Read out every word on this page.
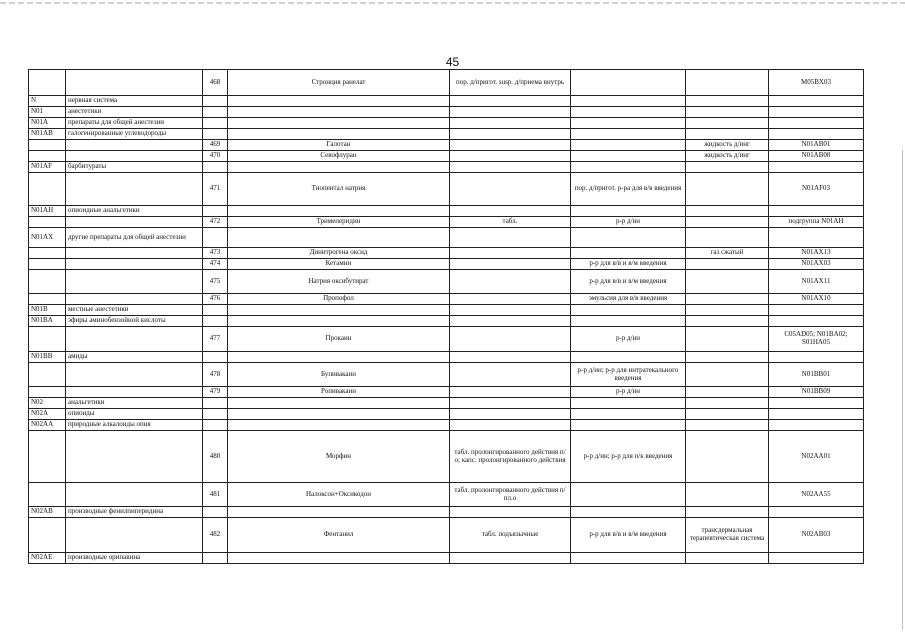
45
		468	Стронция ранелат	пор. д/пригот. susp. д/приема внутрь			M05BX03
N	нервная система						
N01	анестетики						
N01A	препараты для общей анестезии						
N01AB	галогенированные углеводороды						
		469	Галотан			жидкость д/инг	N01AB01
		470	Севофлуран			жидкость д/инг	N01AB08
N01AF	барбитураты						
		471	Тиопентал натрия		пор. д/пригот. р-ра для в/в введения		N01AF03
N01AH	опиоидные анальгетики						
		472	Тримеперидин	табл.	р-р д/ин		подгруппа N01AH
N01AX	другие препараты для общей анестезии						
		473	Динитрогена оксид			газ сжатый	N01AX13
		474	Кетамин		р-р для в/в и в/м введения		N01AX03
		475	Натрия оксибутират		р-р для в/в и в/м введения		N01AX11
		476	Пропофол		эмульсия для в/в введения		N01AX10
N01B	местные анестетики						
N01BA	эфиры аминобензойной кислоты						
		477	Прокаин		р-р д/ин		C05AD05; N01BA02; S01HA05
N01BB	амиды						
		478	Бупивакаин		р-р д/ин; р-р для интратекального введения		N01BB01
		479	Ропивакаин		р-р д/ин		N01BB09
N02	анальгетики						
N02A	опиоиды						
N02AA	природные алкалоиды опия						
		480	Морфин	табл. пролонгированного действия п/о; капс. пролонгированного действия	р-р д/ин; р-р для п/к введения		N02AA01
		481	Налоксон+Оксикодон	табл. пролонгированного действия п/пл.о			N02AA55
N02AB	производные фенилпиперидина						
		482	Фентанил	табл. подъязычные	р-р для в/в и в/м введения	трансдермальная терапевтическая система	N02AB03
N02AE	производные орипавина						
